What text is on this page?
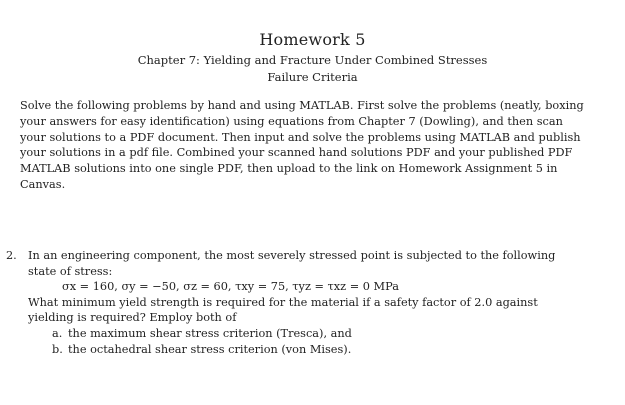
Homework 5
Chapter 7: Yielding and Fracture Under Combined Stresses
Failure Criteria
Solve the following problems by hand and using MATLAB. First solve the problems (neatly, boxing
your answers for easy identification) using equations from Chapter 7 (Dowling), and then scan
your solutions to a PDF document. Then input and solve the problems using MATLAB and publish
your solutions in a pdf file. Combined your scanned hand solutions PDF and your published PDF
MATLAB solutions into one single PDF, then upload to the link on Homework Assignment 5 in
Canvas.
2. In an engineering component, the most severely stressed point is subjected to the following
state of stress:
σx = 160, σy = −50, σz = 60, τxy = 75, τyz = τxz = 0 MPa
What minimum yield strength is required for the material if a safety factor of 2.0 against
yielding is required? Employ both of
a. the maximum shear stress criterion (Tresca), and
b. the octahedral shear stress criterion (von Mises).
